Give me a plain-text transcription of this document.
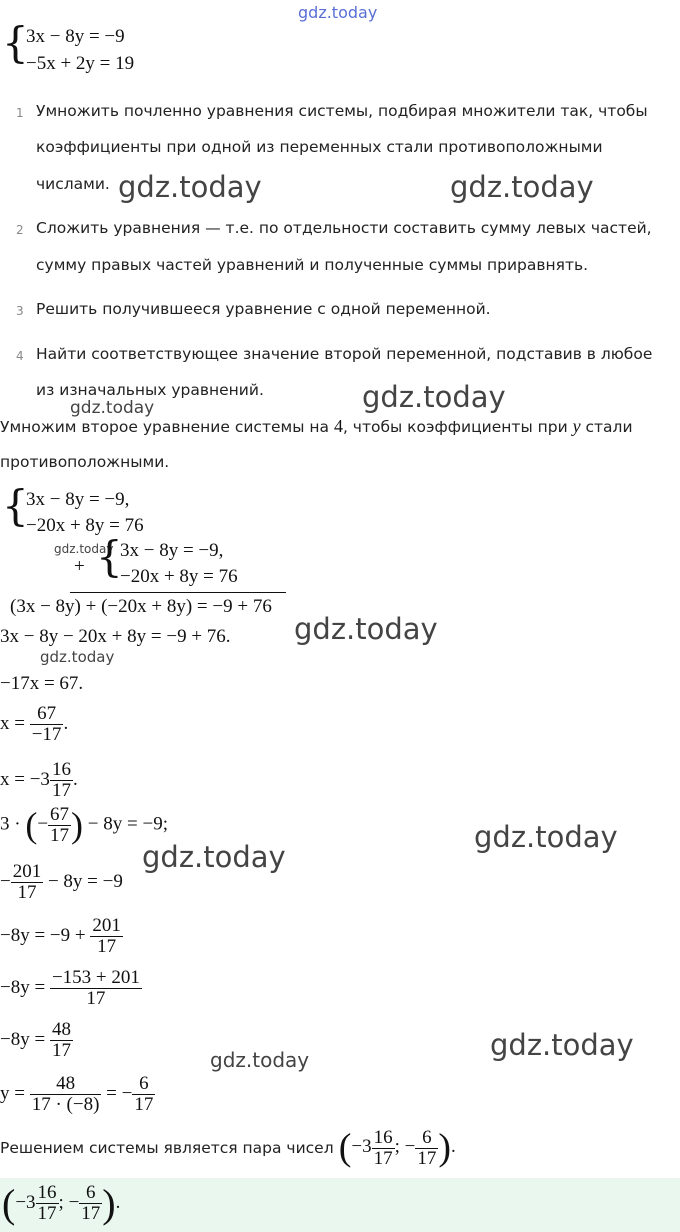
gdz.today
{
3x − 8y = −9
−5x + 2y = 19
1 Умножить почленно уравнения системы, подбирая множители так, чтобы
коэффициенты при одной из переменных стали противоположными
числами.
2 Сложить уравнения — т.е. по отдельности составить сумму левых частей,
сумму правых частей уравнений и полученные суммы приравнять.
3 Решить получившееся уравнение с одной переменной.
4 Найти соответствующее значение второй переменной, подставив в любое
из изначальных уравнений.
gdz.today	gdz.today
gdz.today
gdz.today
Умножим второе уравнение системы на 4, чтобы коэффициенты при y стали
противоположными.
{
3x − 8y = −9,
−20x + 8y = 76
gdz.today
+ {
3x − 8y = −9,
−20x + 8y = 76
(3x − 8y) + (−20x + 8y) = −9 + 76
3x − 8y − 20x + 8y = −9 + 76. gdz.today
gdz.today
−17x = 67.
$x = \frac{67}{-17}$ .
$x = -3 \frac{16}{17}$ .
3 · (− $\frac{67}{17}$ ) − 8y = −9;	gdz.today
gdz.today
− $\frac{201}{17} - 8y = -9$
$-8y = -9 + \frac{201}{17}$
$-8y = \frac{-153 + 201}{17}$
$-8y = \frac{48}{17}$	gdz.today	gdz.today
$y = \frac{48}{17 \cdot (-8)}$ = − $\frac{6}{17}$
Решением системы является пара чисел ($-3 \frac{16}{17}$ ; − $\frac{6}{17}$ ).
($-3 \frac{16}{17}$ ; − $\frac{6}{17}$ ).
